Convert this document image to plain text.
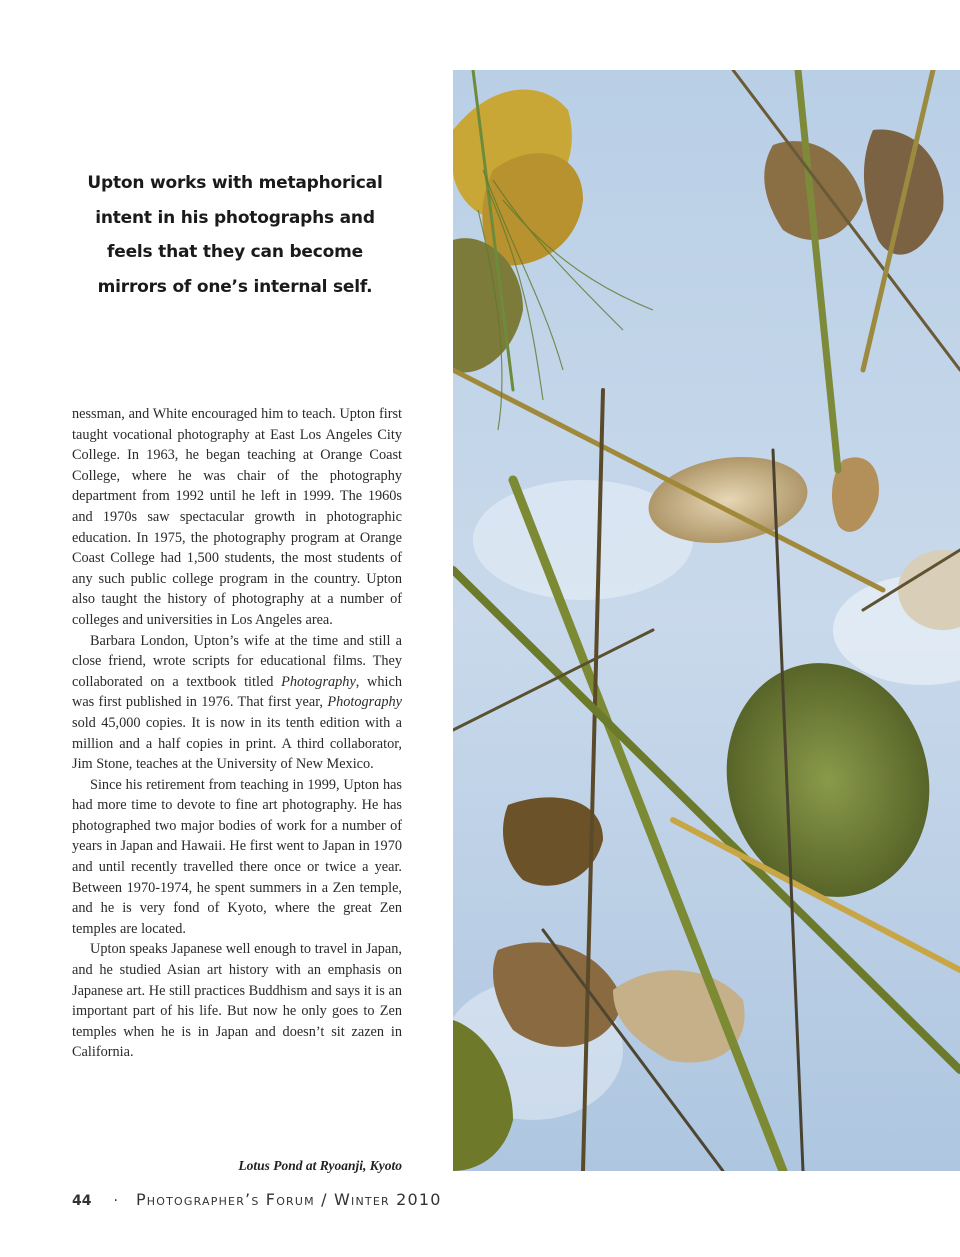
Upton works with metaphorical intent in his photographs and feels that they can become mirrors of one’s internal self.

nessman, and White encouraged him to teach. Upton first taught vocational photography at East Los Angeles City College. In 1963, he began teaching at Orange Coast College, where he was chair of the photography department from 1992 until he left in 1999. The 1960s and 1970s saw spectacular growth in photographic education. In 1975, the photography program at Orange Coast College had 1,500 students, the most students of any such public college program in the country. Upton also taught the history of photography at a number of colleges and universities in Los Angeles area.

Barbara London, Upton’s wife at the time and still a close friend, wrote scripts for educational films. They collaborated on a textbook titled Photography, which was first published in 1976. That first year, Photography sold 45,000 copies. It is now in its tenth edition with a million and a half copies in print. A third collaborator, Jim Stone, teaches at the University of New Mexico.

Since his retirement from teaching in 1999, Upton has had more time to devote to fine art photography. He has photographed two major bodies of work for a number of years in Japan and Hawaii. He first went to Japan in 1970 and until recently travelled there once or twice a year. Between 1970-1974, he spent summers in a Zen temple, and he is very fond of Kyoto, where the great Zen temples are located.

Upton speaks Japanese well enough to travel in Japan, and he studied Asian art history with an emphasis on Japanese art. He still practices Buddhism and says it is an important part of his life. But now he only goes to Zen temples when he is in Japan and doesn’t sit zazen in California.

Lotus Pond at Ryoanji, Kyoto
44 · Photographer’s Forum / Winter 2010
